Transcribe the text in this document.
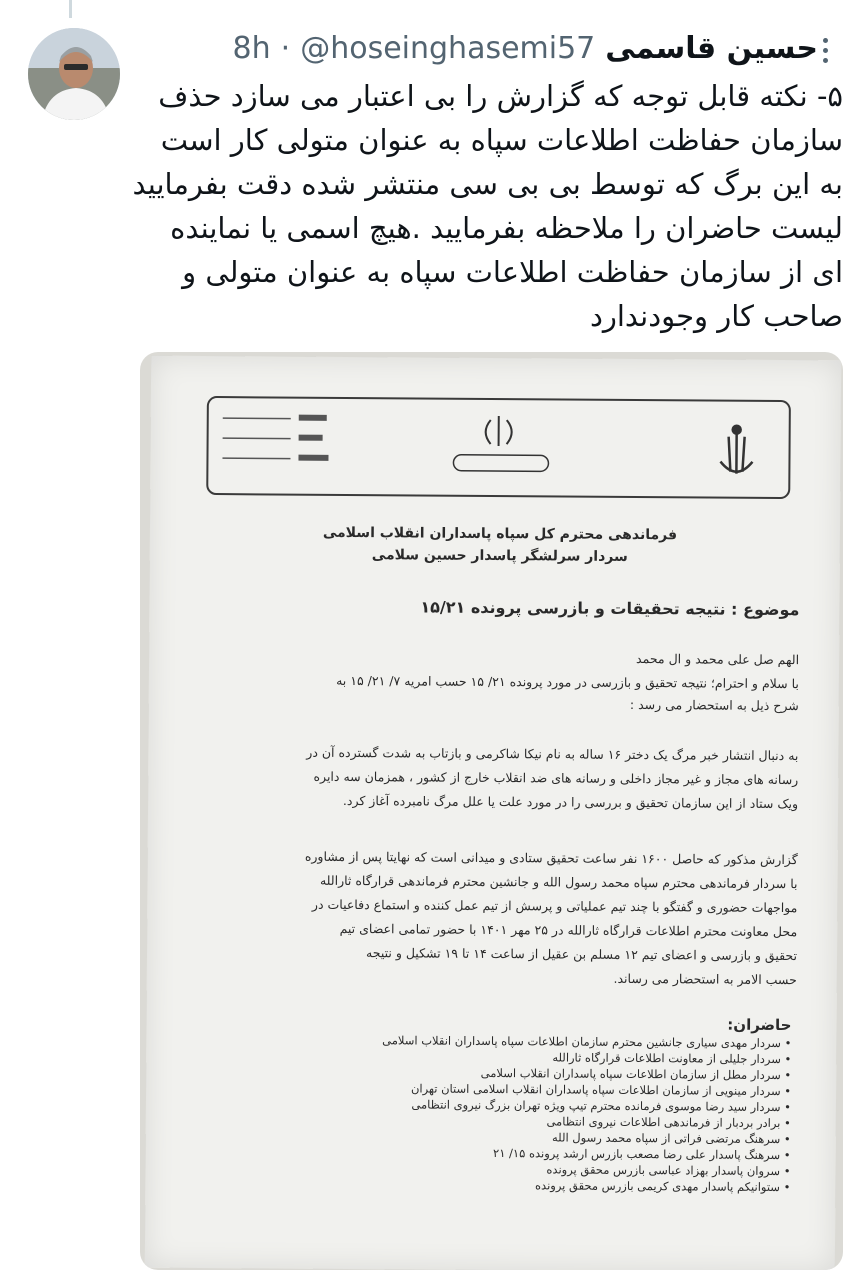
حسین قاسمی
@hoseinghasemi57
·
8h
۵- نکته قابل توجه که گزارش را بی اعتبار می سازد حذف
سازمان حفاظت اطلاعات سپاه به عنوان متولی کار است
به این برگ که توسط بی بی سی منتشر شده دقت بفرمایید
لیست حاضران را ملاحظه بفرمایید .هیچ اسمی یا نماینده
ای از سازمان حفاظت اطلاعات سپاه به عنوان متولی و
صاحب کار وجودندارد
فرماندهی محترم کل سپاه پاسداران انقلاب اسلامی
سردار سرلشگر پاسدار حسین سلامی
موضوع : نتیجه تحقیقات و بازرسی پرونده ۱۵/۲۱
الهم صل علی محمد و ال محمد
با سلام و احترام؛ نتیجه تحقیق و بازرسی در مورد پرونده ۲۱/ ۱۵ حسب امریه ۷/ ۲۱/ ۱۵ به
شرح ذیل به استحضار می رسد :
به دنبال انتشار خبر مرگ یک دختر ۱۶ ساله به نام نیکا شاکرمی و بازتاب به شدت گسترده آن در
رسانه های مجاز و غیر مجاز داخلی و رسانه های ضد انقلاب خارج از کشور ، همزمان سه دایره
ویک ستاد از این سازمان تحقیق و بررسی را در مورد علت یا علل مرگ نامبرده آغاز کرد.
گزارش مذکور که حاصل ۱۶۰۰ نفر ساعت تحقیق ستادی و میدانی است که نهایتا پس از مشاوره
با سردار فرماندهی محترم سپاه محمد رسول الله و جانشین محترم فرماندهی قرارگاه ثارالله
مواجهات حضوری و گفتگو با چند تیم عملیاتی و پرسش از تیم عمل کننده و استماع دفاعیات در
محل معاونت محترم اطلاعات قرارگاه ثارالله در ۲۵ مهر ۱۴۰۱ با حضور تمامی اعضای تیم
تحقیق و بازرسی و اعضای تیم ۱۲ مسلم بن عقیل از ساعت ۱۴ تا ۱۹ تشکیل و نتیجه
حسب الامر به استحضار می رساند.
حاضران:
• سردار مهدی سیاری جانشین محترم سازمان اطلاعات سپاه پاسداران انقلاب اسلامی
• سردار جلیلی از معاونت اطلاعات قرارگاه ثارالله
• سردار مطل از سازمان اطلاعات سپاه پاسداران انقلاب اسلامی
• سردار مینویی از سازمان اطلاعات سپاه پاسداران انقلاب اسلامی استان تهران
• سردار سید رضا موسوی فرمانده محترم تیپ ویژه تهران بزرگ نیروی انتظامی
• برادر بردبار از فرماندهی اطلاعات نیروی انتظامی
• سرهنگ مرتضی فراتی از سپاه محمد رسول الله
• سرهنگ پاسدار علی رضا مصعب بازرس ارشد پرونده ۱۵/ ۲۱
• سروان پاسدار بهزاد عباسی بازرس محقق پرونده
• ستوانیکم پاسدار مهدی کریمی بازرس محقق پرونده
